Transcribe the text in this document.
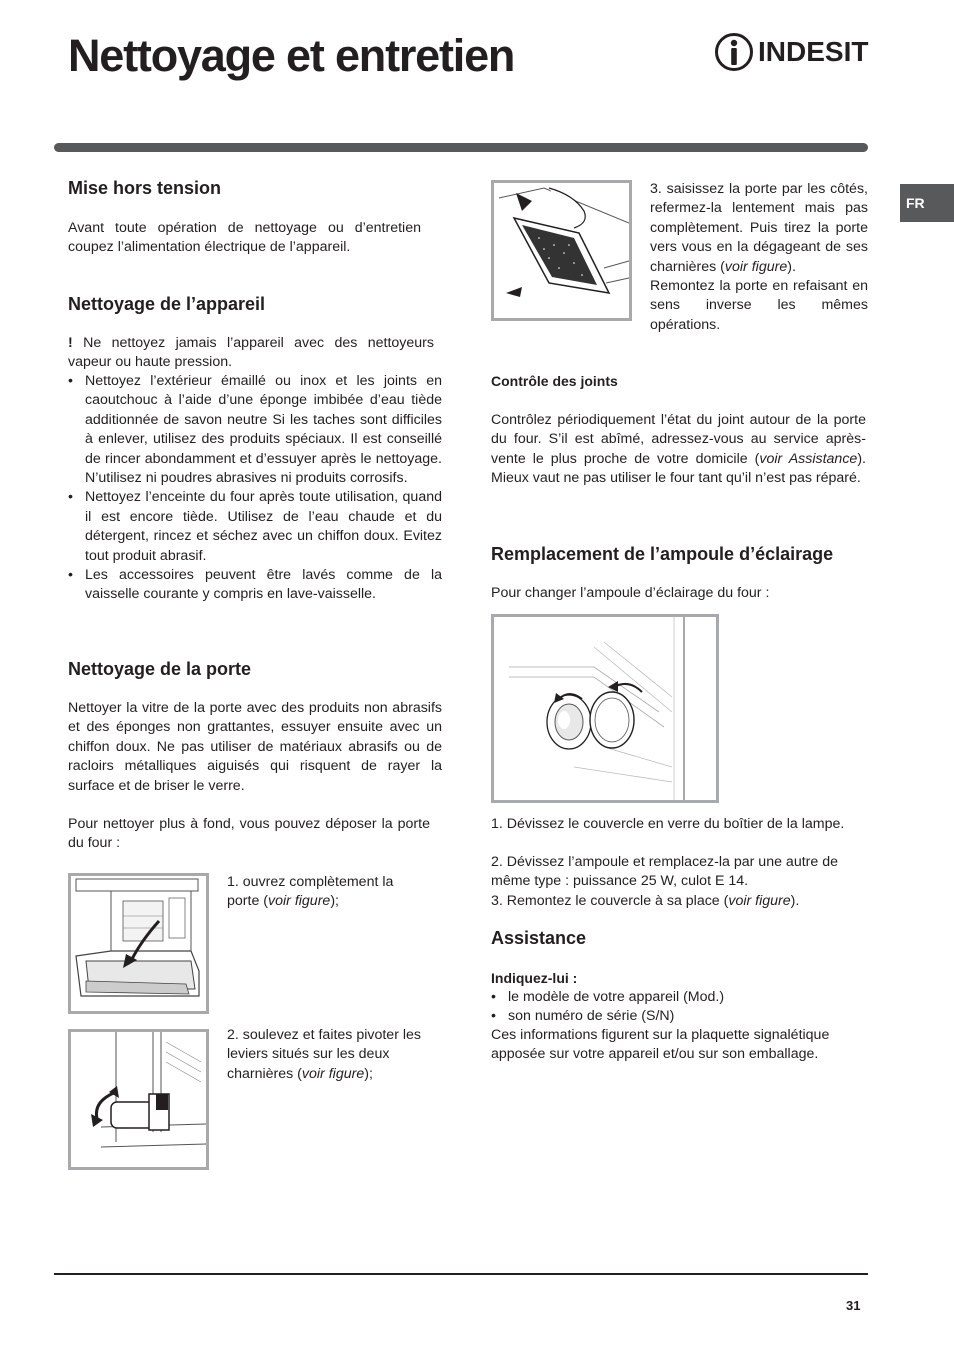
Nettoyage et entretien	INDESIT
FR
Mise hors tension

Avant toute opération de nettoyage ou d’entretien coupez l’alimentation électrique de l’appareil.

Nettoyage de l’appareil

! Ne nettoyez jamais l’appareil avec des nettoyeurs vapeur ou haute pression.

• Nettoyez l’extérieur émaillé ou inox et les joints en caoutchouc à l’aide d’une éponge imbibée d’eau tiède additionnée de savon neutre Si les taches sont difficiles à enlever, utilisez des produits spéciaux. Il est conseillé de rincer abondamment et d’essuyer après le nettoyage. N’utilisez ni poudres abrasives ni produits corrosifs.
• Nettoyez l’enceinte du four après toute utilisation, quand il est encore tiède. Utilisez de l’eau chaude et du détergent, rincez et séchez avec un chiffon doux. Evitez tout produit abrasif.
• Les accessoires peuvent être lavés comme de la vaisselle courante y compris en lave-vaisselle.
Nettoyage de la porte

Nettoyer la vitre de la porte avec des produits non abrasifs et des éponges non grattantes, essuyer ensuite avec un chiffon doux. Ne pas utiliser de matériaux abrasifs ou de racloirs métalliques aiguisés qui risquent de rayer la surface et de briser le verre.

Pour nettoyer plus à fond, vous pouvez déposer la porte du four :

1. ouvrez complètement la porte (voir figure);

2. soulevez et faites pivoter les leviers situés sur les deux charnières (voir figure);

3. saisissez la porte par les côtés, refermez-la lentement mais pas complètement. Puis tirez la porte vers vous en la dégageant de ses charnières (voir figure).
Remontez la porte en refaisant en sens inverse les mêmes opérations.

Contrôle des joints

Contrôlez périodiquement l’état du joint autour de la porte du four. S’il est abîmé, adressez-vous au service après-vente le plus proche de votre domicile (voir Assistance). Mieux vaut ne pas utiliser le four tant qu’il n’est pas réparé.

Remplacement de l’ampoule d’éclairage

Pour changer l’ampoule d’éclairage du four :

1. Dévissez le couvercle en verre du boîtier de la lampe.

2. Dévissez l’ampoule et remplacez-la par une autre de même type : puissance 25 W, culot E 14.

3. Remontez le couvercle à sa place (voir figure).

Assistance
Indiquez-lui :
• le modèle de votre appareil (Mod.)
• son numéro de série (S/N)

Ces informations figurent sur la plaquette signalétique apposée sur votre appareil et/ou sur son emballage.

31
